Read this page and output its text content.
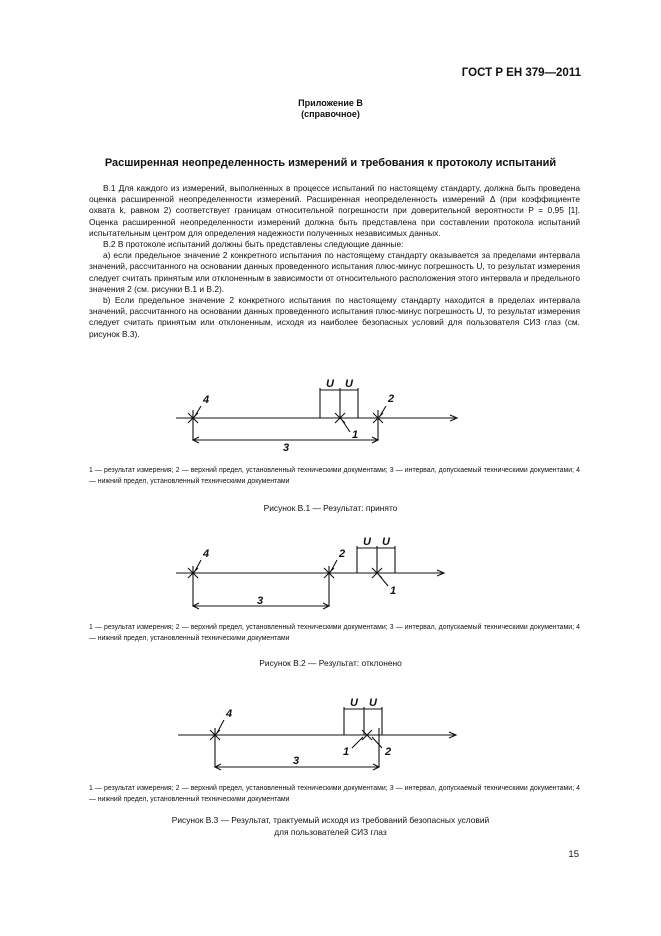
ГОСТ Р ЕН 379—2011
Приложение В
(справочное)
Расширенная неопределенность измерений и требования к протоколу испытаний

В.1 Для каждого из измерений, выполненных в процессе испытаний по настоящему стандарту, должна быть проведена оценка расширенной неопределенности измерений. Расширенная неопределенность измерений Δ (при коэффициенте охвата k, равном 2) соответствует границам относительной погрешности при доверительной вероятности P = 0,95 [1]. Оценка расширенной неопределенности измерений должна быть представлена при составлении протокола испытаний испытательным центром для определения надежности полученных независимых данных.

В.2 В протоколе испытаний должны быть представлены следующие данные:

a) если предельное значение 2 конкретного испытания по настоящему стандарту оказывается за пределами интервала значений, рассчитанного на основании данных проведенного испытания плюс-минус погрешность U, то результат измерения следует считать принятым или отклоненным в зависимости от относительного расположения этого интервала и предельного значения 2 (см. рисунки В.1 и В.2).

b) Если предельное значение 2 конкретного испытания по настоящему стандарту находится в пределах интервала значений, рассчитанного на основании данных проведенного испытания плюс-минус погрешность U, то результат измерения следует считать принятым или отклоненным, исходя из наиболее безопасных условий для пользователя СИЗ глаз (см. рисунок В.3).

4	2
1
3
U U
1 — результат измерения; 2 — верхний предел, установленный техническими документами; 3 — интервал, допускаемый техническими документами; 4 — нижний предел, установленный техническими документами
Рисунок В.1 — Результат: принято
4	2
1
3
U U
1 — результат измерения; 2 — верхний предел, установленный техническими документами; 3 — интервал, допускаемый техническими документами; 4 — нижний предел, установленный техническими документами
Рисунок В.2 — Результат: отклонено
4
1	2
3
U U
1 — результат измерения; 2 — верхний предел, установленный техническими документами; 3 — интервал, допускаемый техническими документами; 4 — нижний предел, установленный техническими документами
Рисунок В.3 — Результат, трактуемый исходя из требований безопасных условий
для пользователей СИЗ глаз
15
